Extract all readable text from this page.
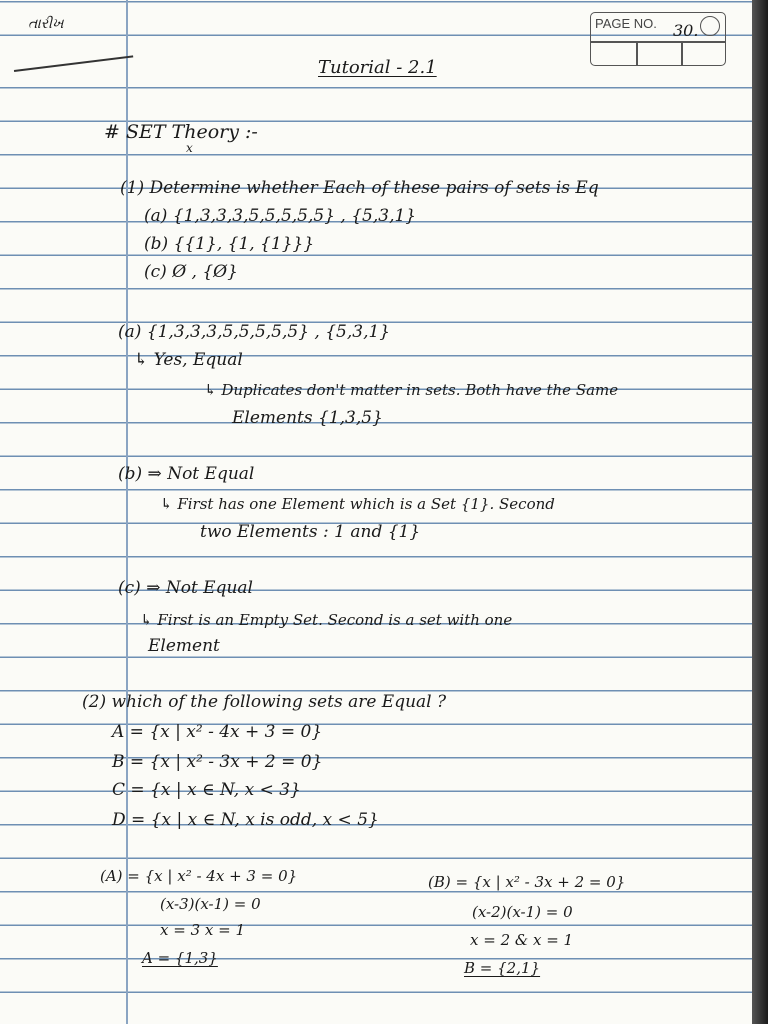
તારીખ	PAGE NO. 30.
Tutorial - 2.1
# SET Theory :-
x
(1) Determine whether Each of these pairs of sets is Eq
(a) {1,3,3,3,5,5,5,5,5} , {5,3,1}
(b) {{1}, {1, {1}}}
(c) Ø , {Ø}
(a) {1,3,3,3,5,5,5,5,5} , {5,3,1}
↳ Yes, Equal
↳ Duplicates don't matter in sets. Both have the Same
Elements {1,3,5}
(b) ⇒ Not Equal
↳ First has one Element which is a Set {1}. Second
two Elements : 1 and {1}
(c) ⇒ Not Equal
↳ First is an Empty Set. Second is a set with one
Element
(2) which of the following sets are Equal ?
A = {x | x² - 4x + 3 = 0}
B = {x | x² - 3x + 2 = 0}
C = {x | x ∈ N, x < 3}
D = {x | x ∈ N, x is odd, x < 5}
(A) = {x | x² - 4x + 3 = 0}
(x-3)(x-1) = 0
x = 3 x = 1
A = {1,3}
(B) = {x | x² - 3x + 2 = 0}
(x-2)(x-1) = 0
x = 2 & x = 1
B = {2,1}
